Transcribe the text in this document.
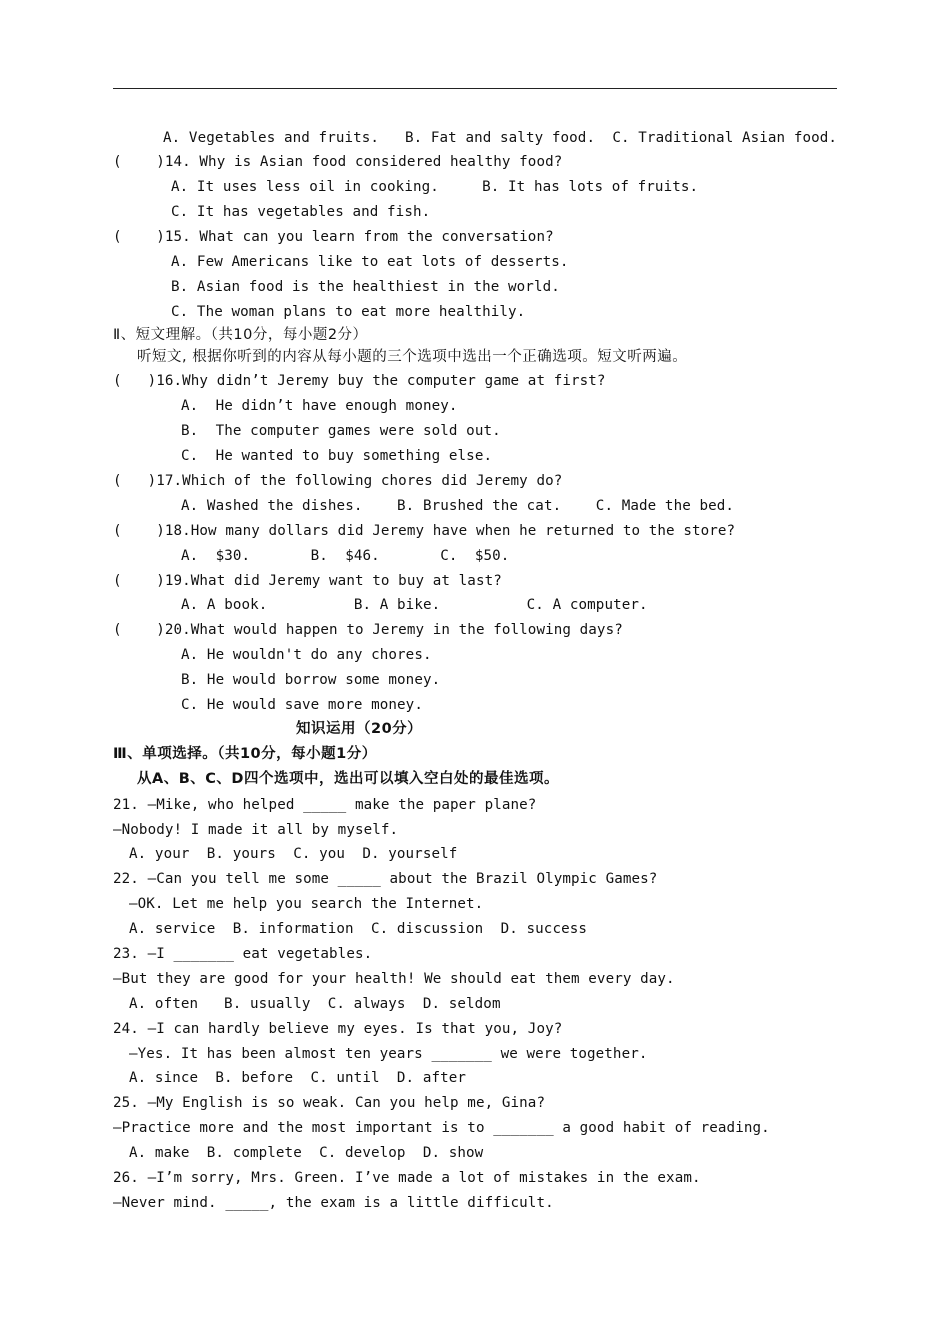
A. Vegetables and fruits.   B. Fat and salty food.  C. Traditional Asian food.
(    )14. Why is Asian food considered healthy food?
A. It uses less oil in cooking.     B. It has lots of fruits.
C. It has vegetables and fish.
(    )15. What can you learn from the conversation?
A. Few Americans like to eat lots of desserts.
B. Asian food is the healthiest in the world.
C. The woman plans to eat more healthily.
Ⅱ、短文理解。（共10分，每小题2分）
听短文, 根据你听到的内容从每小题的三个选项中选出一个正确选项。短文听两遍。
(   )16.Why didn’t Jeremy buy the computer game at first?
A.  He didn’t have enough money.
B.  The computer games were sold out.
C.  He wanted to buy something else.
(   )17.Which of the following chores did Jeremy do?
A. Washed the dishes.    B. Brushed the cat.    C. Made the bed.
(    )18.How many dollars did Jeremy have when he returned to the store?
A.  $30.       B.  $46.       C.  $50.
(    )19.What did Jeremy want to buy at last?
A. A book.          B. A bike.          C. A computer.
(    )20.What would happen to Jeremy in the following days?
A. He wouldn't do any chores.
B. He would borrow some money.
C. He would save more money.
知识运用（20分）
Ⅲ、单项选择。（共10分，每小题1分）
从A、B、C、D四个选项中，选出可以填入空白处的最佳选项。
21. —Mike, who helped _____ make the paper plane?
—Nobody! I made it all by myself.
A. your  B. yours  C. you  D. yourself
22. —Can you tell me some _____ about the Brazil Olympic Games?
—OK. Let me help you search the Internet.
A. service  B. information  C. discussion  D. success
23. —I _______ eat vegetables.
—But they are good for your health! We should eat them every day.
A. often   B. usually  C. always  D. seldom
24. —I can hardly believe my eyes. Is that you, Joy?
—Yes. It has been almost ten years _______ we were together.
A. since  B. before  C. until  D. after
25. —My English is so weak. Can you help me, Gina?
—Practice more and the most important is to _______ a good habit of reading.
A. make  B. complete  C. develop  D. show
26. —I’m sorry, Mrs. Green. I’ve made a lot of mistakes in the exam.
—Never mind. _____, the exam is a little difficult.
